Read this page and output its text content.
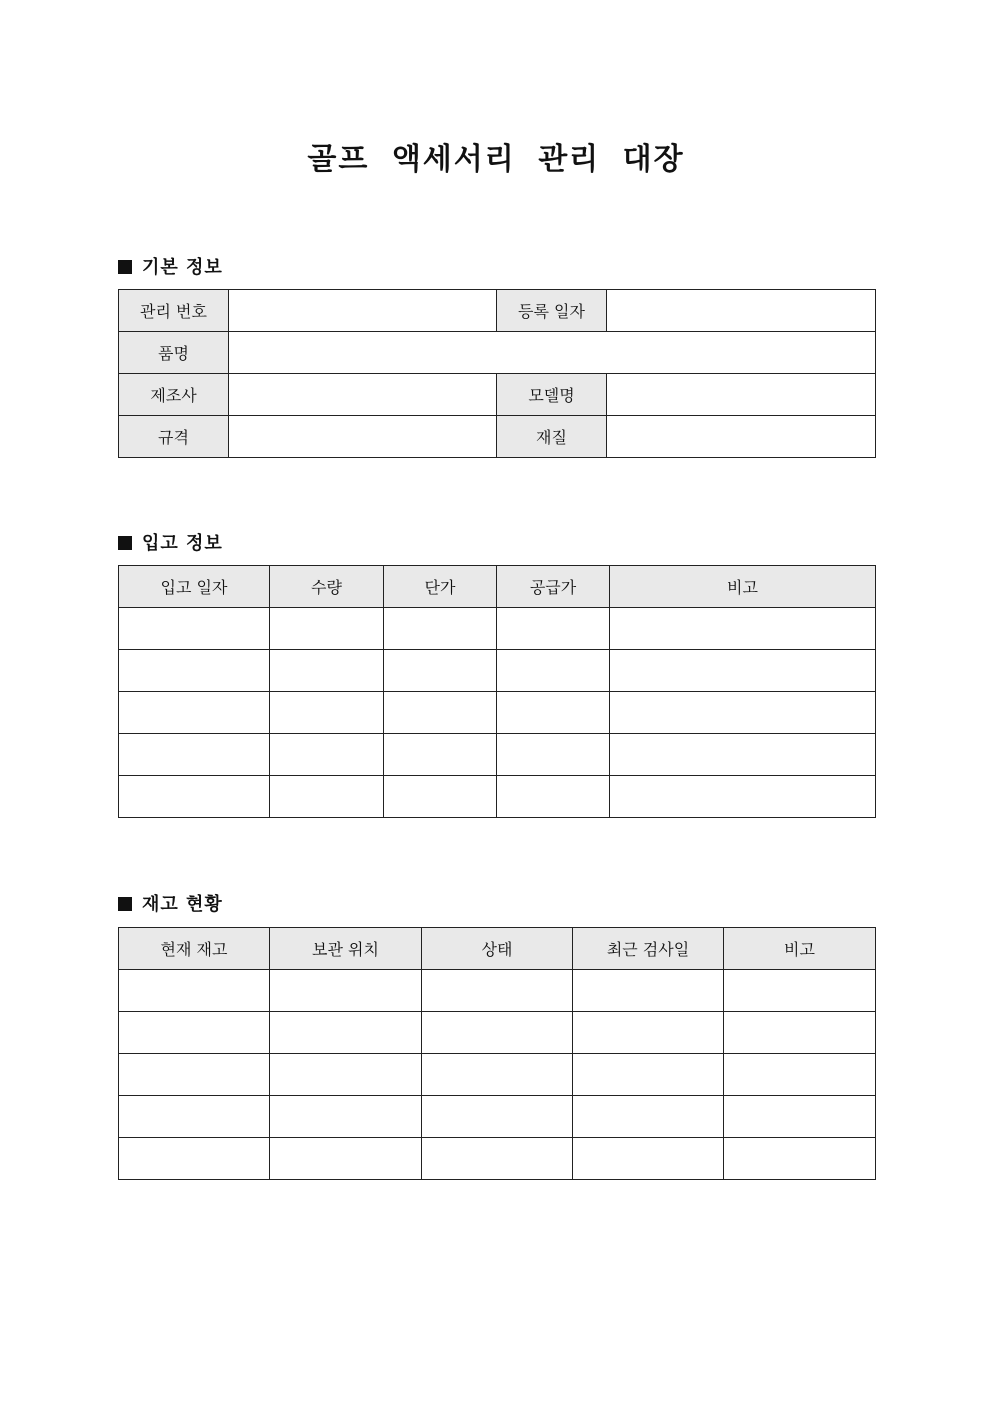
골프 액세서리 관리 대장
기본 정보
관리 번호		등록 일자	
품명			
제조사		모델명	
규격		재질	
입고 정보
입고 일자	수량	단가	공급가	비고

재고 현황
현재 재고	보관 위치	상태	최근 검사일	비고
